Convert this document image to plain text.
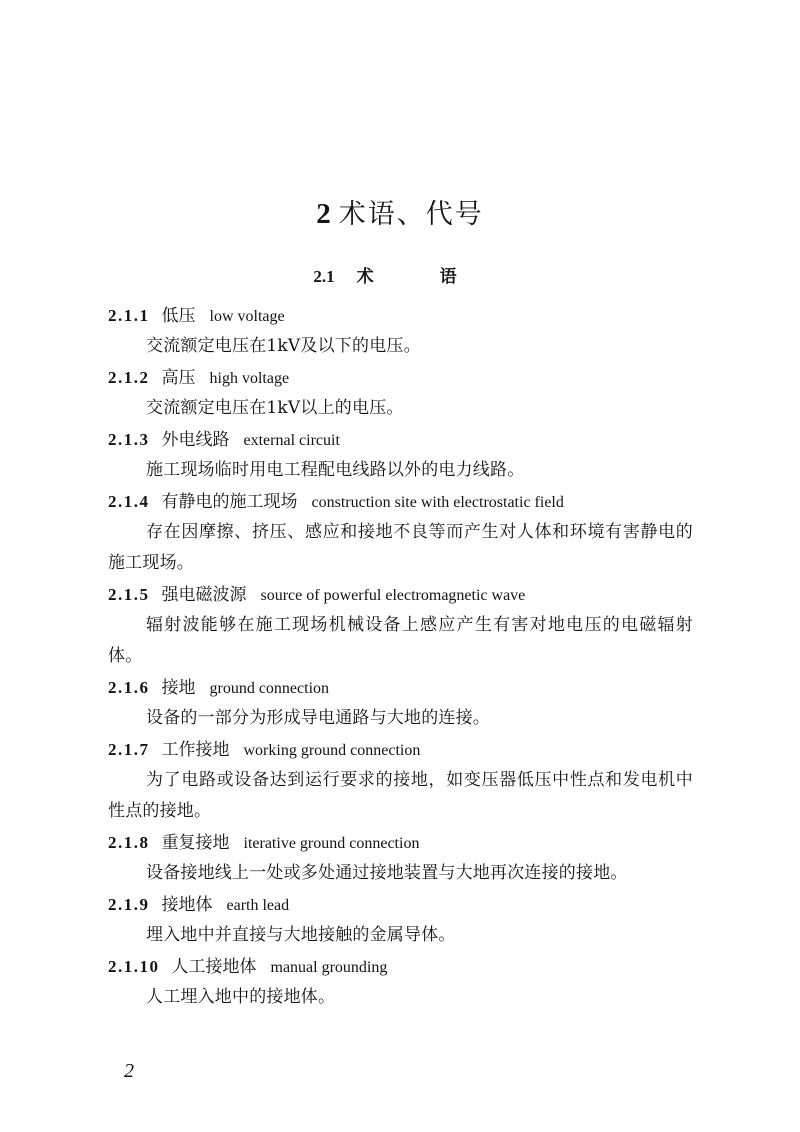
2 术语、代号
2.1 术 语
2.1.1 低压 low voltage
交流额定电压在1kV及以下的电压。
2.1.2 高压 high voltage
交流额定电压在1kV以上的电压。
2.1.3 外电线路 external circuit
施工现场临时用电工程配电线路以外的电力线路。
2.1.4 有静电的施工现场 construction site with electrostatic field
存在因摩擦、挤压、感应和接地不良等而产生对人体和环境有害静电的施工现场。
2.1.5 强电磁波源 source of powerful electromagnetic wave
辐射波能够在施工现场机械设备上感应产生有害对地电压的电磁辐射体。
2.1.6 接地 ground connection
设备的一部分为形成导电通路与大地的连接。
2.1.7 工作接地 working ground connection
为了电路或设备达到运行要求的接地，如变压器低压中性点和发电机中性点的接地。
2.1.8 重复接地 iterative ground connection
设备接地线上一处或多处通过接地装置与大地再次连接的接地。
2.1.9 接地体 earth lead
埋入地中并直接与大地接触的金属导体。
2.1.10 人工接地体 manual grounding
人工埋入地中的接地体。
2
